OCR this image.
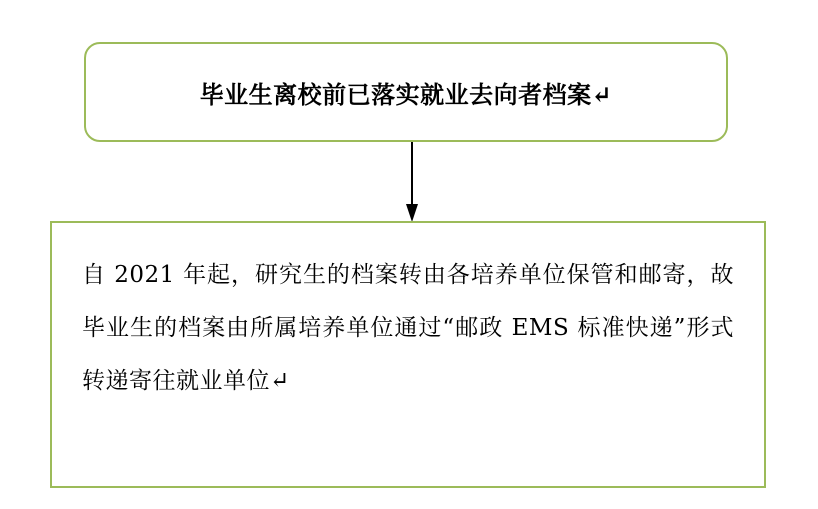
毕业生离校前已落实就业去向者档案↵
自 2021 年起，研究生的档案转由各培养单位保管和邮寄，故毕业生的档案由所属培养单位通过“邮政 EMS 标准快递”形式转递寄往就业单位↵
